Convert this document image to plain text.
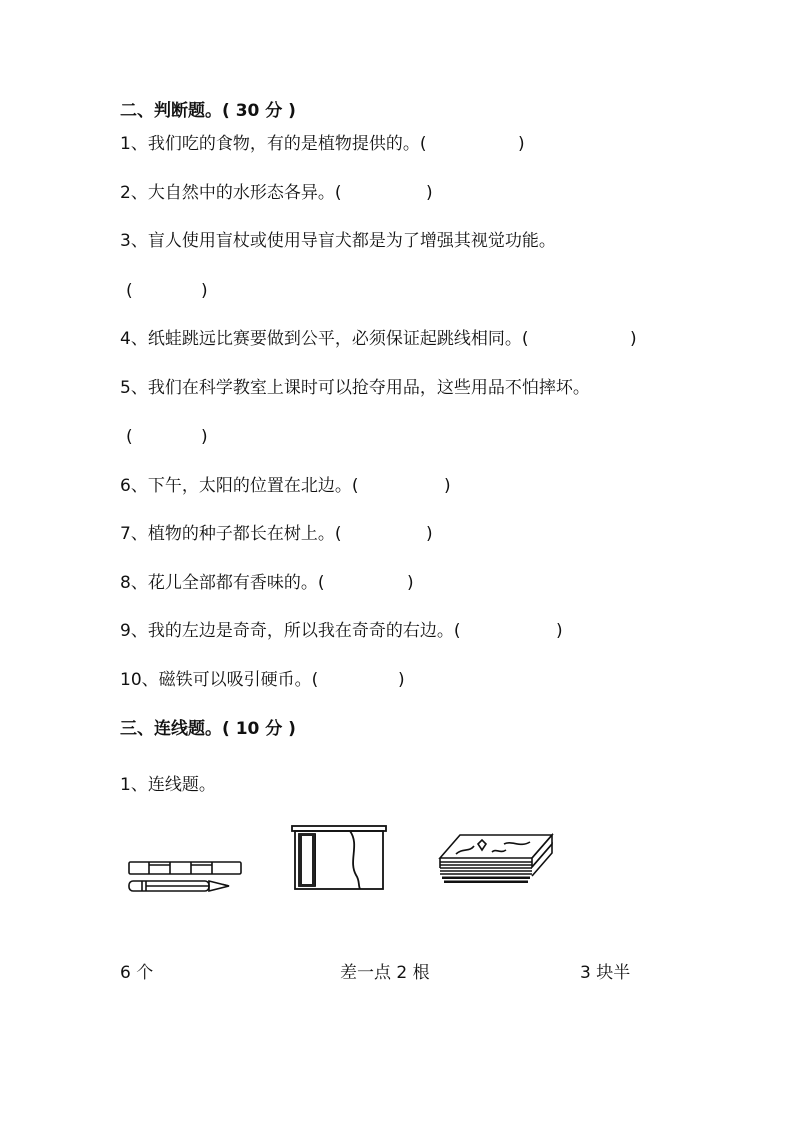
二、判断题。( 30 分 )
1、我们吃的食物，有的是植物提供的。(	)
2、大自然中的水形态各异。(	)
3、盲人使用盲杖或使用导盲犬都是为了增强其视觉功能。
(	)
4、纸蛙跳远比赛要做到公平，必须保证起跳线相同。(	)
5、我们在科学教室上课时可以抢夺用品，这些用品不怕摔坏。
(	)
6、下午，太阳的位置在北边。(	)
7、植物的种子都长在树上。(	)
8、花儿全部都有香味的。(	)
9、我的左边是奇奇，所以我在奇奇的右边。(	)
10、磁铁可以吸引硬币。(	)
三、连线题。( 10 分 )
1、连线题。
6 个	差一点 2 根	3 块半
